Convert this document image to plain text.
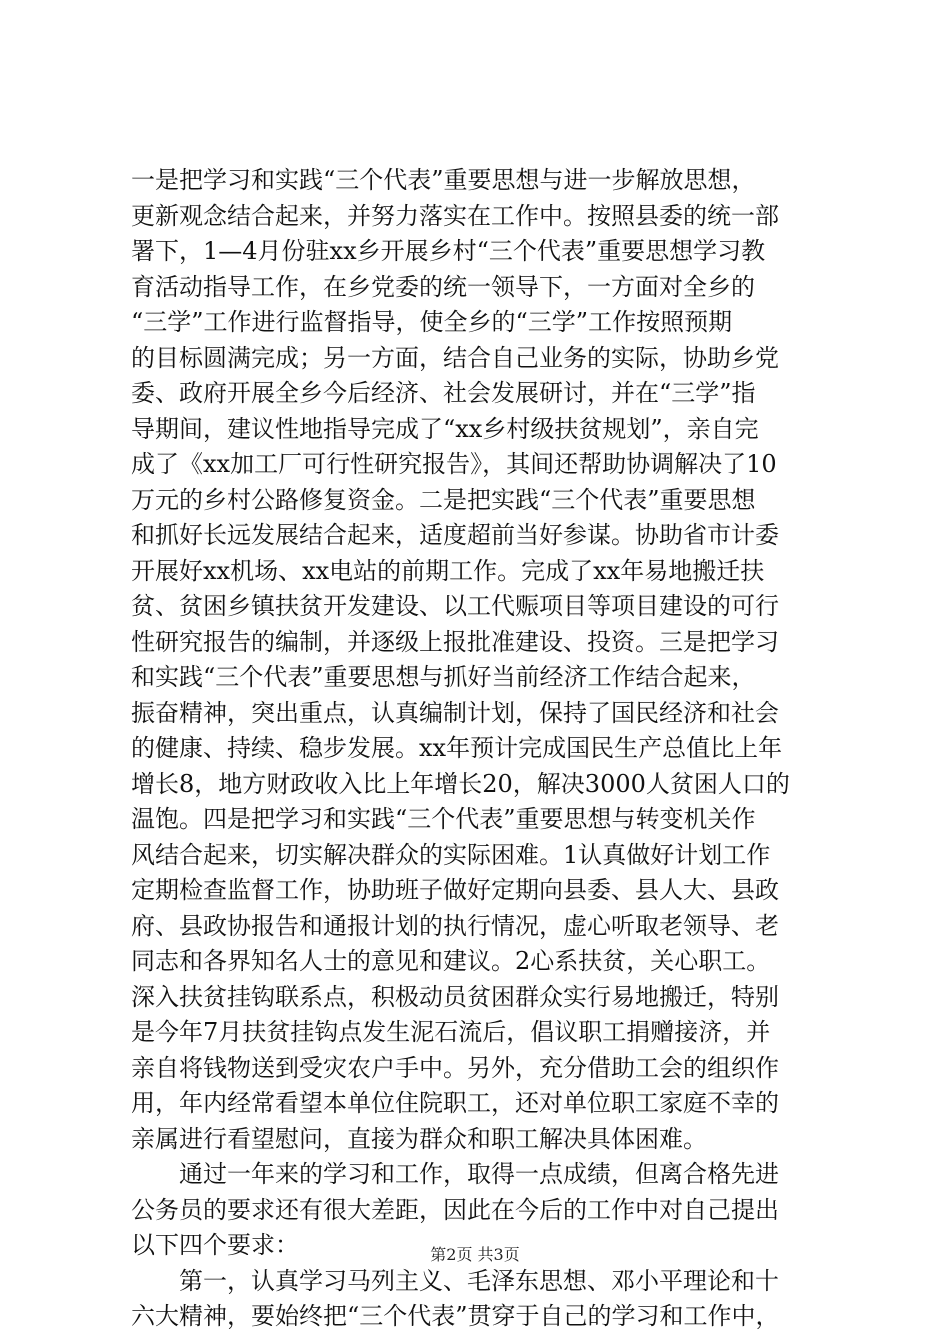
一是把学习和实践“三个代表”重要思想与进一步解放思想，
更新观念结合起来，并努力落实在工作中。按照县委的统一部
署下，1—4月份驻xx乡开展乡村“三个代表”重要思想学习教
育活动指导工作，在乡党委的统一领导下，一方面对全乡的
“三学”工作进行监督指导，使全乡的“三学”工作按照预期
的目标圆满完成；另一方面，结合自己业务的实际，协助乡党
委、政府开展全乡今后经济、社会发展研讨，并在“三学”指
导期间，建议性地指导完成了“xx乡村级扶贫规划”，亲自完
成了《xx加工厂可行性研究报告》，其间还帮助协调解决了10
万元的乡村公路修复资金。二是把实践“三个代表”重要思想
和抓好长远发展结合起来，适度超前当好参谋。协助省市计委
开展好xx机场、xx电站的前期工作。完成了xx年易地搬迁扶
贫、贫困乡镇扶贫开发建设、以工代赈项目等项目建设的可行
性研究报告的编制，并逐级上报批准建设、投资。三是把学习
和实践“三个代表”重要思想与抓好当前经济工作结合起来，
振奋精神，突出重点，认真编制计划，保持了国民经济和社会
的健康、持续、稳步发展。xx年预计完成国民生产总值比上年
增长8，地方财政收入比上年增长20，解决3000人贫困人口的
温饱。四是把学习和实践“三个代表”重要思想与转变机关作
风结合起来，切实解决群众的实际困难。1认真做好计划工作
定期检查监督工作，协助班子做好定期向县委、县人大、县政
府、县政协报告和通报计划的执行情况，虚心听取老领导、老
同志和各界知名人士的意见和建议。2心系扶贫，关心职工。
深入扶贫挂钩联系点，积极动员贫困群众实行易地搬迁，特别
是今年7月扶贫挂钩点发生泥石流后，倡议职工捐赠接济，并
亲自将钱物送到受灾农户手中。另外，充分借助工会的组织作
用，年内经常看望本单位住院职工，还对单位职工家庭不幸的
亲属进行看望慰问，直接为群众和职工解决具体困难。
通过一年来的学习和工作，取得一点成绩，但离合格先进
公务员的要求还有很大差距，因此在今后的工作中对自己提出
以下四个要求：
第一，认真学习马列主义、毛泽东思想、邓小平理论和十
六大精神，要始终把“三个代表”贯穿于自己的学习和工作中，
第2页 共3页
